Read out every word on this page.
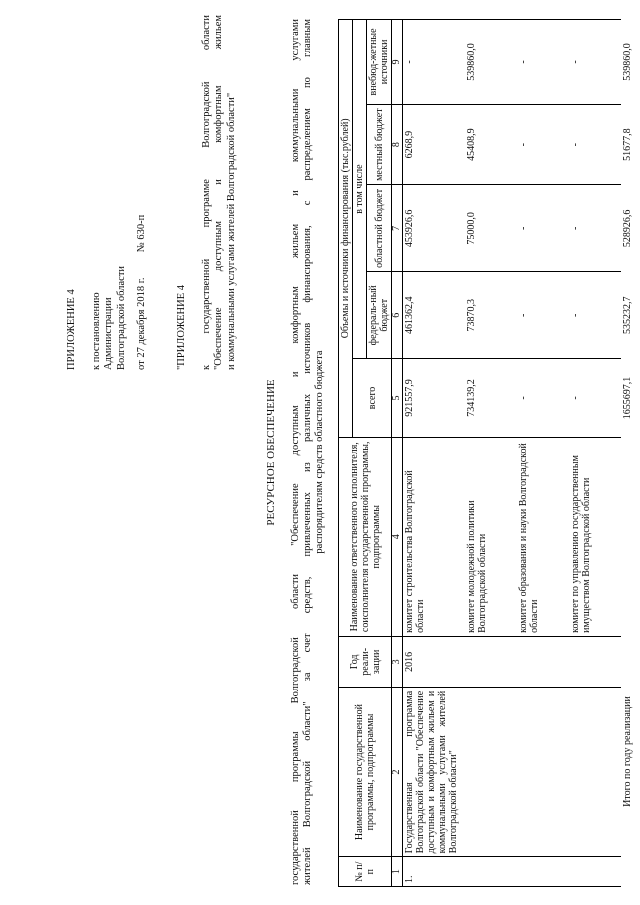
ПРИЛОЖЕНИЕ 4 к постановлению Администрации Волгоградской области от 27 декабря 2018 г.  № 630-п
"ПРИЛОЖЕНИЕ 4 к государственной программе Волгоградской области "Обеспечение доступным и комфортным жильем и коммунальными услугами жителей Волгоградской области"
РЕСУРСНОЕ ОБЕСПЕЧЕНИЕ государственной программы Волгоградской области "Обеспечение доступным и комфортным жильем и коммунальными услугами жителей Волгоградской области" за счет средств, привлеченных из различных источников финансирования, с распределением по главным распорядителям средств областного бюджета
№ п/п	Наименование государственной программы, подпрограммы	Год реали-зации	Наименование ответственного исполнителя, соисполнителя государственной программы, подпрограммы	Объемы и источники финансирования (тыс.рублей)				
				всего	в том числе			
					федераль-ный бюджет	областной бюджет	местный бюджет	внебюд-жетные источники
1	2	3	4	5	6	7	8	9
1.	Государственная программа Волгоградской области "Обеспечение доступным и комфортным жильем и коммунальными услугами жителей Волгоградской области"	2016	комитет строительства Волгоградской области	921557,9	461362,4	453926,6	6268,9	-
			комитет молодежной политики Волгоградской области	734139,2	73870,3	75000,0	45408,9	539860,0
			комитет образования и науки Волгоградской области	-	-	-	-	-
			комитет по управлению государственным имуществом Волгоградской области	-	-	-	-	-
	Итого по году реализации			1655697,1	535232,7	528926,6	51677,8	539860,0
